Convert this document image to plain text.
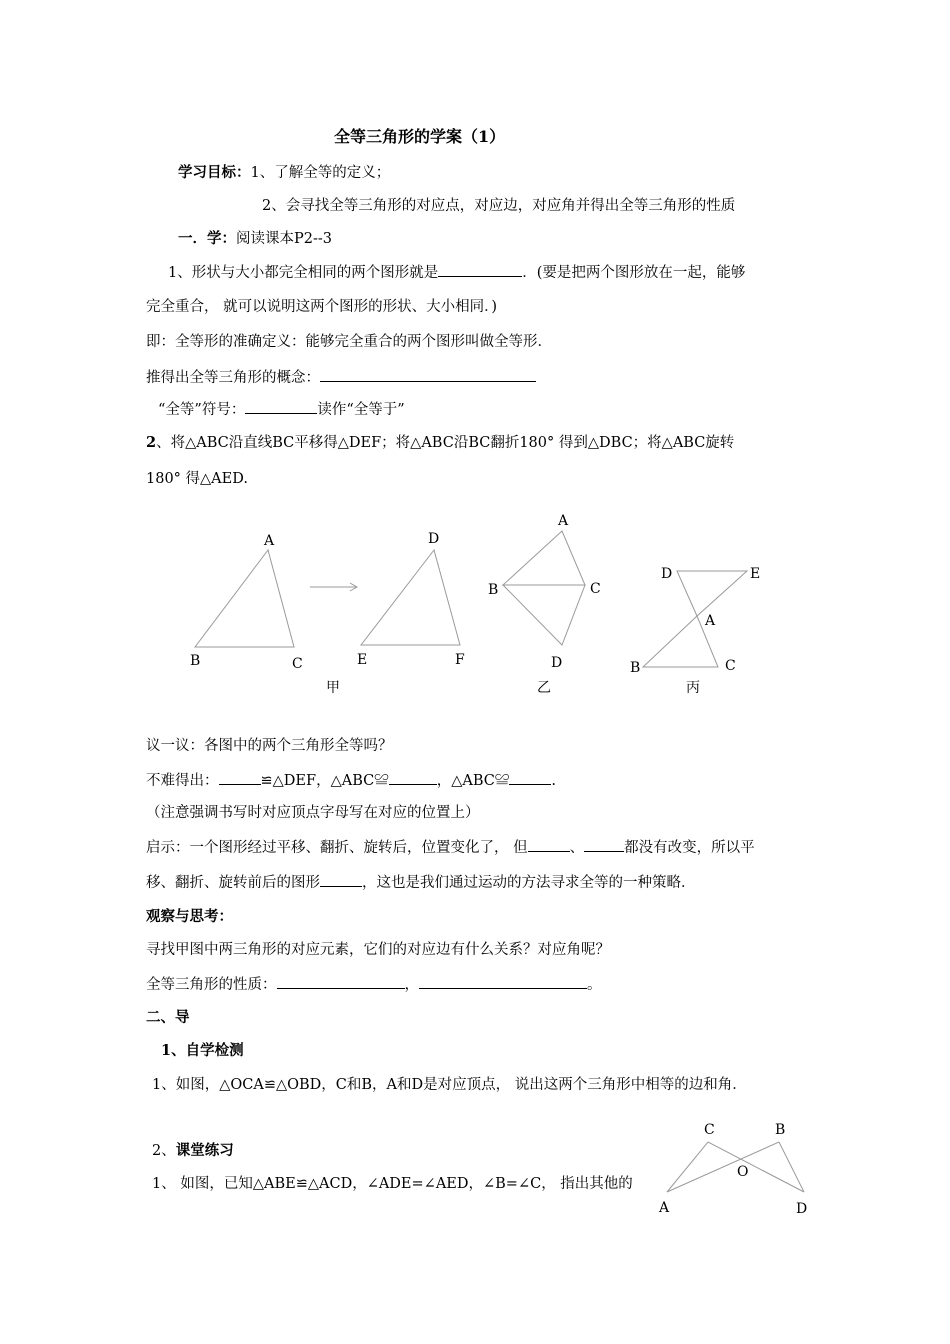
全等三角形的学案（1）
学习目标：1、了解全等的定义；
2、会寻找全等三角形的对应点，对应边，对应角并得出全等三角形的性质
一．学：阅读课本P2--3
1、形状与大小都完全相同的两个图形就是	．(要是把两个图形放在一起，能够
完全重合， 就可以说明这两个图形的形状、大小相同．)
即：全等形的准确定义：能够完全重合的两个图形叫做全等形．
推得出全等三角形的概念：
“全等”符号：	读作“全等于”
2、将△ABC沿直线BC平移得△DEF；将△ABC沿BC翻折180° 得到△DBC；将△ABC旋转
180° 得△AED.
A
B	C
D
E	F
甲
A
B	C
D
乙
D	E
A
B	C
丙
C	B
O
A	D
议一议：各图中的两个三角形全等吗？
不难得出：	≌△DEF，△ABC≌	，△ABC≌	.
（注意强调书写时对应顶点字母写在对应的位置上）
启示：一个图形经过平移、翻折、旋转后，位置变化了， 但	、	都没有改变，所以平
移、翻折、旋转前后的图形	，这也是我们通过运动的方法寻求全等的一种策略．
观察与思考：
寻找甲图中两三角形的对应元素，它们的对应边有什么关系？对应角呢？
全等三角形的性质：	，	。
二、导
1、自学检测
1、如图，△OCA≌△OBD，C和B，A和D是对应顶点， 说出这两个三角形中相等的边和角．
2、课堂练习
1、 如图，已知△ABE≌△ACD，∠ADE=∠AED，∠B=∠C， 指出其他的
